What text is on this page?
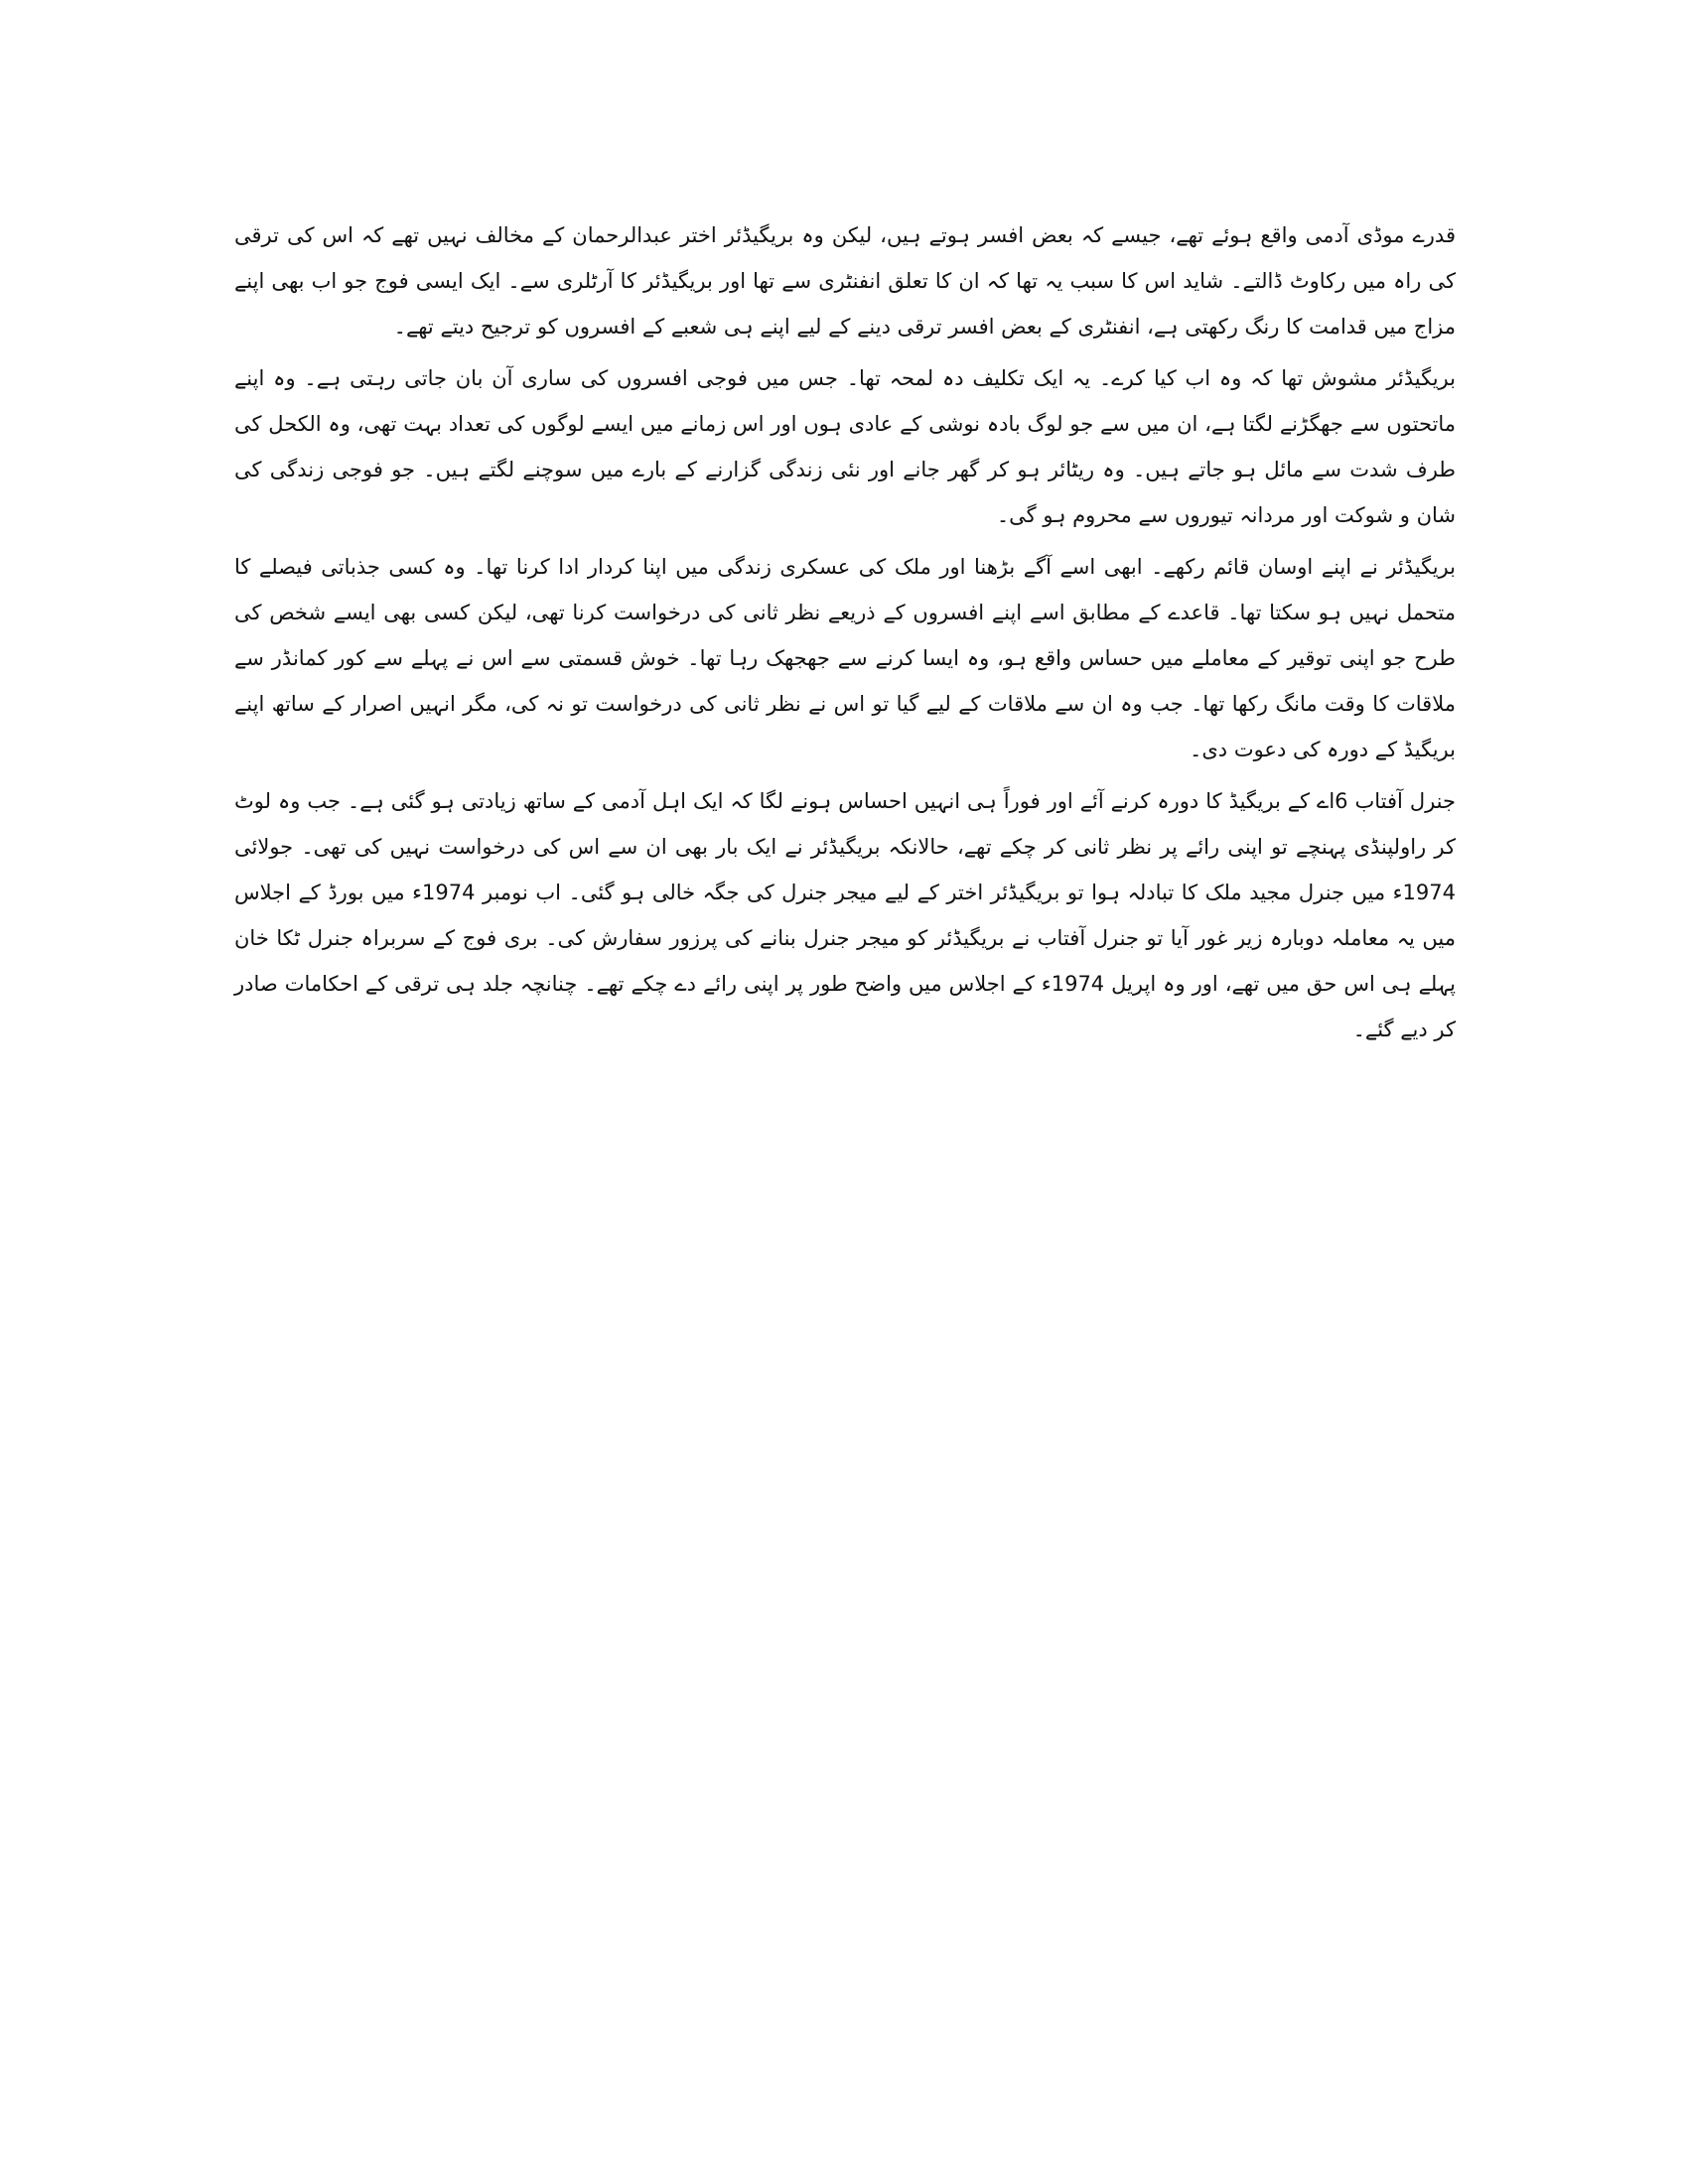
قدرے موڈی آدمی واقع ہوئے تھے، جیسے کہ بعض افسر ہوتے ہیں، لیکن وہ بریگیڈئر اختر عبدالرحمان کے مخالف نہیں تھے کہ اس کی ترقی کی راہ میں رکاوٹ ڈالتے۔ شاید اس کا سبب یہ تھا کہ ان کا تعلق انفنٹری سے تھا اور بریگیڈئر کا آرٹلری سے۔ ایک ایسی فوج جو اب بھی اپنے مزاج میں قدامت کا رنگ رکھتی ہے، انفنٹری کے بعض افسر ترقی دینے کے لیے اپنے ہی شعبے کے افسروں کو ترجیح دیتے تھے۔

بریگیڈئر مشوش تھا کہ وہ اب کیا کرے۔ یہ ایک تکلیف دہ لمحہ تھا۔ جس میں فوجی افسروں کی ساری آن بان جاتی رہتی ہے۔ وہ اپنے ماتحتوں سے جھگڑنے لگتا ہے، ان میں سے جو لوگ بادہ نوشی کے عادی ہوں اور اس زمانے میں ایسے لوگوں کی تعداد بہت تھی، وہ الکحل کی طرف شدت سے مائل ہو جاتے ہیں۔ وہ ریٹائر ہو کر گھر جانے اور نئی زندگی گزارنے کے بارے میں سوچنے لگتے ہیں۔ جو فوجی زندگی کی شان و شوکت اور مردانہ تیوروں سے محروم ہو گی۔

بریگیڈئر نے اپنے اوسان قائم رکھے۔ ابھی اسے آگے بڑھنا اور ملک کی عسکری زندگی میں اپنا کردار ادا کرنا تھا۔ وہ کسی جذباتی فیصلے کا متحمل نہیں ہو سکتا تھا۔ قاعدے کے مطابق اسے اپنے افسروں کے ذریعے نظر ثانی کی درخواست کرنا تھی، لیکن کسی بھی ایسے شخص کی طرح جو اپنی توقیر کے معاملے میں حساس واقع ہو، وہ ایسا کرنے سے جھجھک رہا تھا۔ خوش قسمتی سے اس نے پہلے سے کور کمانڈر سے ملاقات کا وقت مانگ رکھا تھا۔ جب وہ ان سے ملاقات کے لیے گیا تو اس نے نظر ثانی کی درخواست تو نہ کی، مگر انہیں اصرار کے ساتھ اپنے بریگیڈ کے دورہ کی دعوت دی۔

جنرل آفتاب 6اے کے بریگیڈ کا دورہ کرنے آئے اور فوراً ہی انہیں احساس ہونے لگا کہ ایک اہل آدمی کے ساتھ زیادتی ہو گئی ہے۔ جب وہ لوٹ کر راولپنڈی پہنچے تو اپنی رائے پر نظر ثانی کر چکے تھے، حالانکہ بریگیڈئر نے ایک بار بھی ان سے اس کی درخواست نہیں کی تھی۔ جولائی 1974ء میں جنرل مجید ملک کا تبادلہ ہوا تو بریگیڈئر اختر کے لیے میجر جنرل کی جگہ خالی ہو گئی۔ اب نومبر 1974ء میں بورڈ کے اجلاس میں یہ معاملہ دوبارہ زیر غور آیا تو جنرل آفتاب نے بریگیڈئر کو میجر جنرل بنانے کی پرزور سفارش کی۔ بری فوج کے سربراہ جنرل ٹکا خان پہلے ہی اس حق میں تھے، اور وہ اپریل 1974ء کے اجلاس میں واضح طور پر اپنی رائے دے چکے تھے۔ چنانچہ جلد ہی ترقی کے احکامات صادر کر دیے گئے۔
